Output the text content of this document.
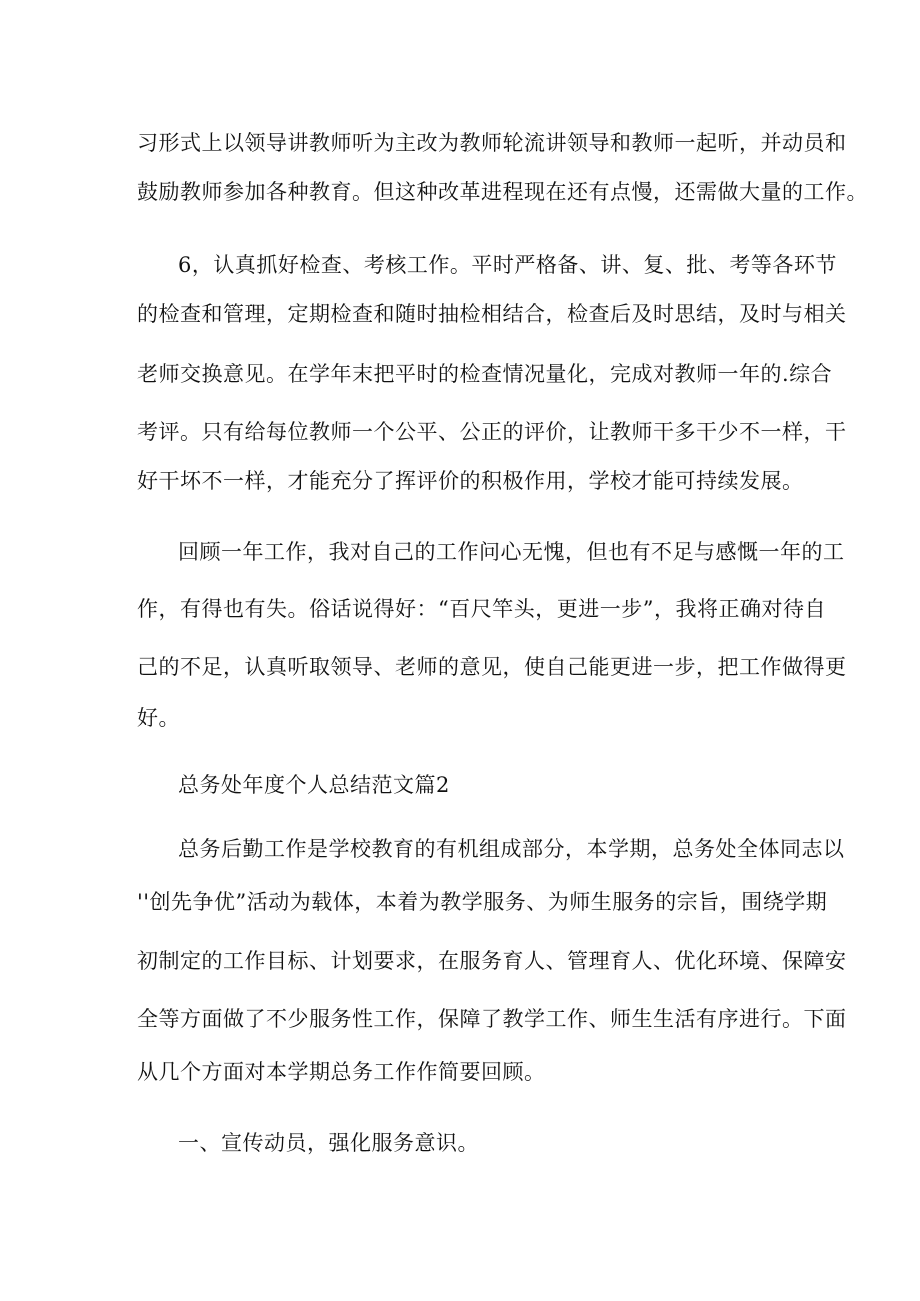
习形式上以领导讲教师听为主改为教师轮流讲领导和教师一起听，并动员和
鼓励教师参加各种教育。但这种改革进程现在还有点慢，还需做大量的工作。
6，认真抓好检查、考核工作。平时严格备、讲、复、批、考等各环节
的检查和管理，定期检查和随时抽检相结合，检查后及时思结，及时与相关
老师交换意见。在学年末把平时的检查情况量化，完成对教师一年的.综合
考评。只有给每位教师一个公平、公正的评价，让教师干多干少不一样，干
好干坏不一样，才能充分了挥评价的积极作用，学校才能可持续发展。
回顾一年工作，我对自己的工作问心无愧，但也有不足与感慨一年的工
作，有得也有失。俗话说得好：“百尺竿头，更进一步”，我将正确对待自
己的不足，认真听取领导、老师的意见，使自己能更进一步，把工作做得更
好。
总务处年度个人总结范文篇2
总务后勤工作是学校教育的有机组成部分，本学期，总务处全体同志以
''创先争优”活动为载体，本着为教学服务、为师生服务的宗旨，围绕学期
初制定的工作目标、计划要求，在服务育人、管理育人、优化环境、保障安
全等方面做了不少服务性工作，保障了教学工作、师生生活有序进行。下面
从几个方面对本学期总务工作作简要回顾。
一、宣传动员，强化服务意识。
